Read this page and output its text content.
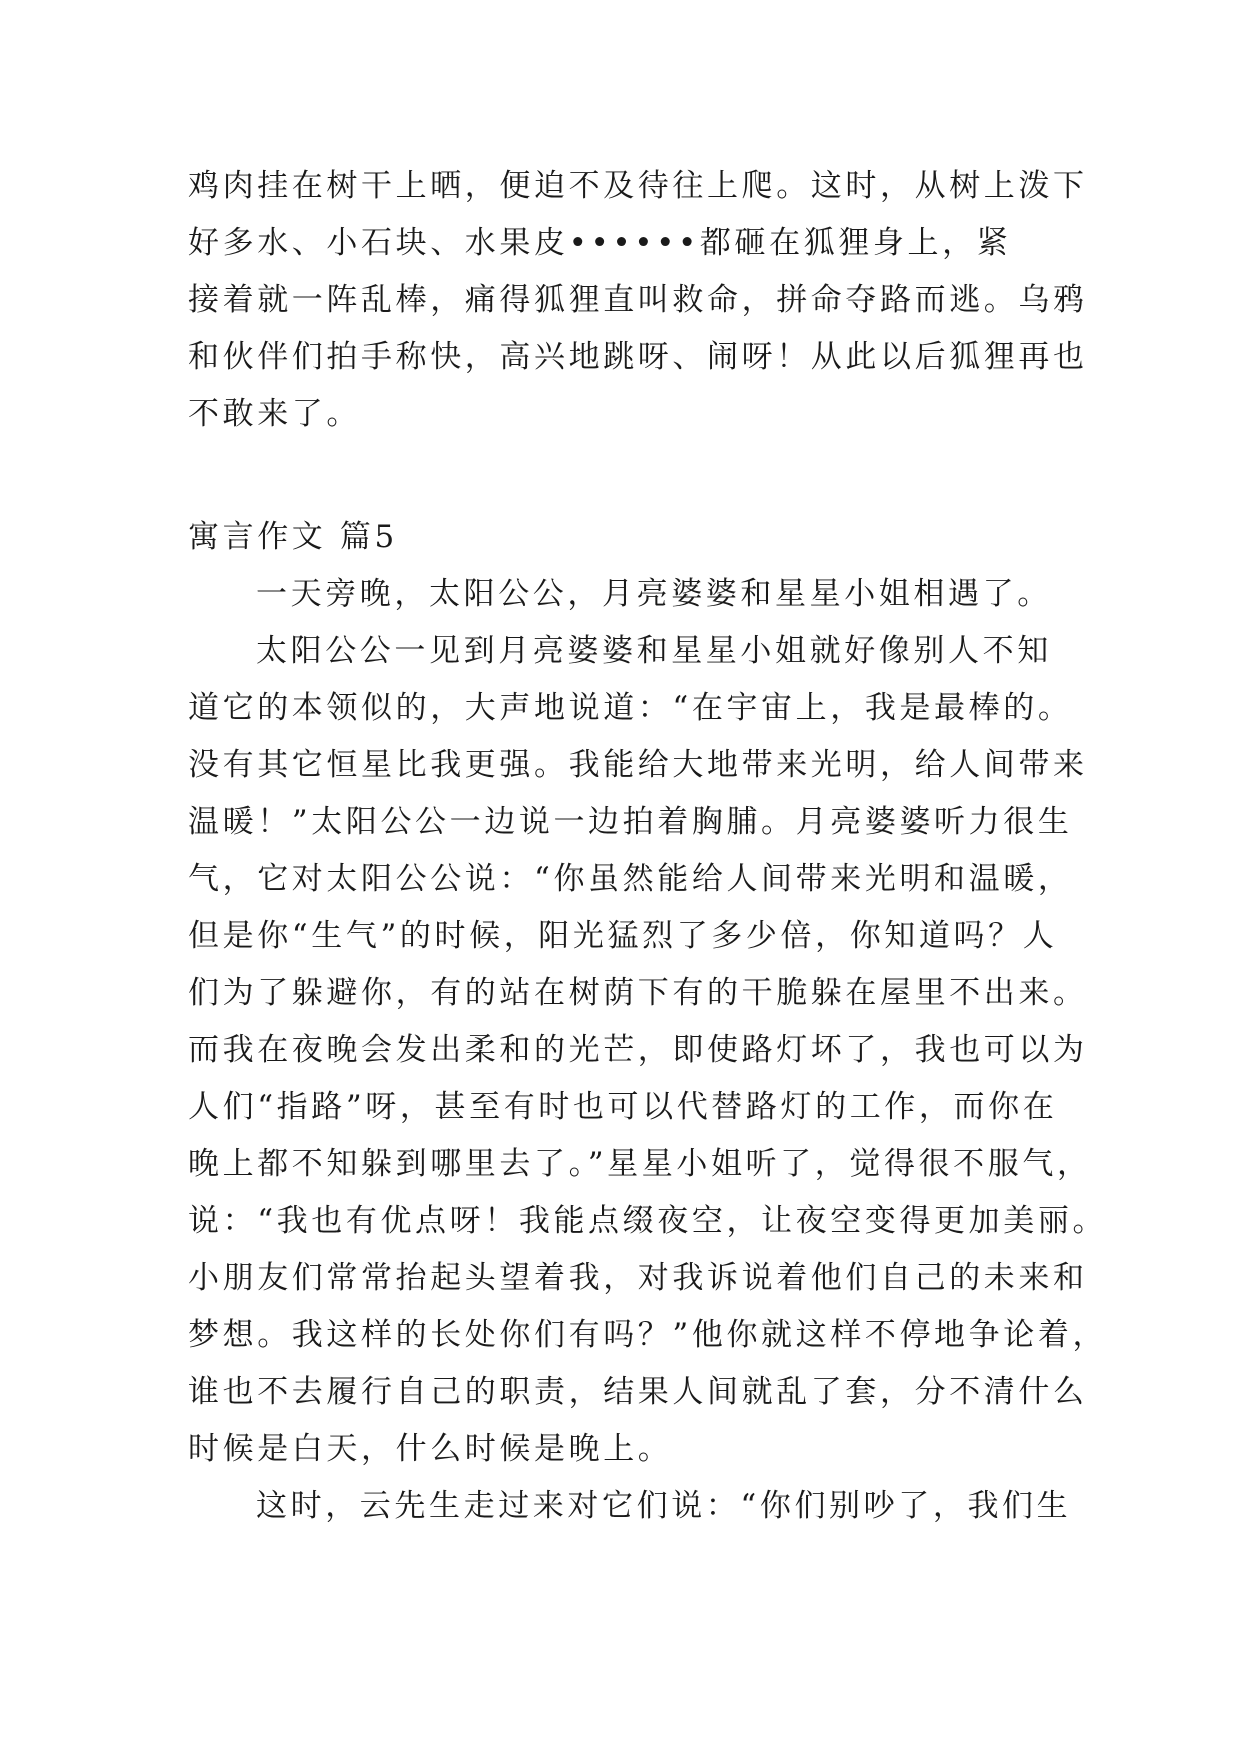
鸡肉挂在树干上晒，便迫不及待往上爬。这时，从树上泼下
好多水、小石块、水果皮••••••都砸在狐狸身上，紧
接着就一阵乱棒，痛得狐狸直叫救命，拼命夺路而逃。乌鸦
和伙伴们拍手称快，高兴地跳呀、闹呀！从此以后狐狸再也
不敢来了。
寓言作文 篇5
一天旁晚，太阳公公，月亮婆婆和星星小姐相遇了。
太阳公公一见到月亮婆婆和星星小姐就好像别人不知
道它的本领似的，大声地说道：“在宇宙上，我是最棒的。
没有其它恒星比我更强。我能给大地带来光明，给人间带来
温暖！”太阳公公一边说一边拍着胸脯。月亮婆婆听力很生
气，它对太阳公公说：“你虽然能给人间带来光明和温暖，
但是你“生气”的时候，阳光猛烈了多少倍，你知道吗？人
们为了躲避你，有的站在树荫下有的干脆躲在屋里不出来。
而我在夜晚会发出柔和的光芒，即使路灯坏了，我也可以为
人们“指路”呀，甚至有时也可以代替路灯的工作，而你在
晚上都不知躲到哪里去了。”星星小姐听了，觉得很不服气，
说：“我也有优点呀！我能点缀夜空，让夜空变得更加美丽。
小朋友们常常抬起头望着我，对我诉说着他们自己的未来和
梦想。我这样的长处你们有吗？”他你就这样不停地争论着，
谁也不去履行自己的职责，结果人间就乱了套，分不清什么
时候是白天，什么时候是晚上。
这时，云先生走过来对它们说：“你们别吵了，我们生
